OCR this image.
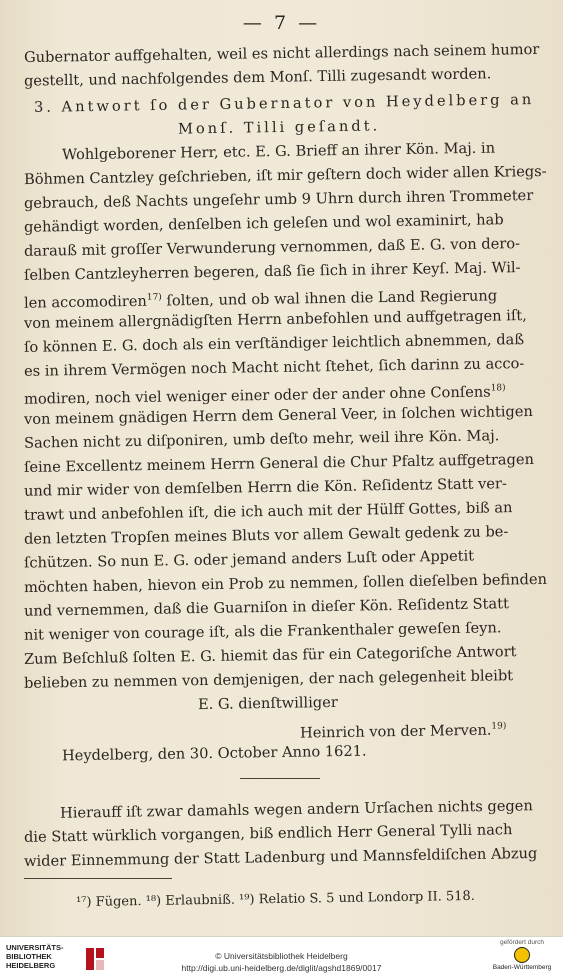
— 7 —
Gubernator auffgehalten, weil es nicht allerdings nach seinem humor
gestellt, und nachfolgendes dem Monſ. Tilli zugesandt worden.
3. Antwort ſo der Gubernator von Heydelberg an
Monſ. Tilli geſandt.
Wohlgeborener Herr, etc. E. G. Brieff an ihrer Kön. Maj. in
Böhmen Cantzley geſchrieben, iſt mir geſtern doch wider allen Kriegs-
gebrauch, deß Nachts ungeſehr umb 9 Uhrn durch ihren Trommeter
gehändigt worden, denſelben ich geleſen und wol examinirt, hab
darauß mit groſſer Verwunderung vernommen, daß E. G. von dero-
ſelben Cantzleyherren begeren, daß ſie ſich in ihrer Keyſ. Maj. Wil-
len accomodiren$^{17)}$ ſolten, und ob wal ihnen die Land Regierung
von meinem allergnädigſten Herrn anbefohlen und auffgetragen iſt,
ſo können E. G. doch als ein verſtändiger leichtlich abnemmen, daß
es in ihrem Vermögen noch Macht nicht ſtehet, ſich darinn zu acco-
modiren, noch viel weniger einer oder der ander ohne Conſens$^{18)}$
von meinem gnädigen Herrn dem General Veer, in ſolchen wichtigen
Sachen nicht zu diſponiren, umb deſto mehr, weil ihre Kön. Maj.
ſeine Excellentz meinem Herrn General die Chur Pfaltz auffgetragen
und mir wider von demſelben Herrn die Kön. Reſidentz Statt ver-
trawt und anbefohlen iſt, die ich auch mit der Hülff Gottes, biß an
den letzten Tropſen meines Bluts vor allem Gewalt gedenk zu be-
ſchützen. So nun E. G. oder jemand anders Luſt oder Appetit
möchten haben, hievon ein Prob zu nemmen, ſollen dieſelben befinden
und vernemmen, daß die Guarniſon in dieſer Kön. Reſidentz Statt
nit weniger von courage iſt, als die Frankenthaler geweſen ſeyn.
Zum Beſchluß ſolten E. G. hiemit das für ein Categoriſche Antwort
belieben zu nemmen von demjenigen, der nach gelegenheit bleibt
E. G. dienſtwilliger
Heinrich von der Merven.$^{19)}$
Heydelberg, den 30. October Anno 1621.
Hierauff iſt zwar damahls wegen andern Urſachen nichts gegen
die Statt würklich vorgangen, biß endlich Herr General Tylli nach
wider Einnemmung der Statt Ladenburg und Mannsfeldiſchen Abzug
¹⁷) Fügen. ¹⁸) Erlaubniß. ¹⁹) Relatio S. 5 und Londorp II. 518.
UNIVERSITÄTS-
BIBLIOTHEK
HEIDELBERG
© Universitätsbibliothek Heidelberg
http://digi.ub.uni-heidelberg.de/diglit/agshd1869/0017
gefördert durch
Baden-Württemberg
